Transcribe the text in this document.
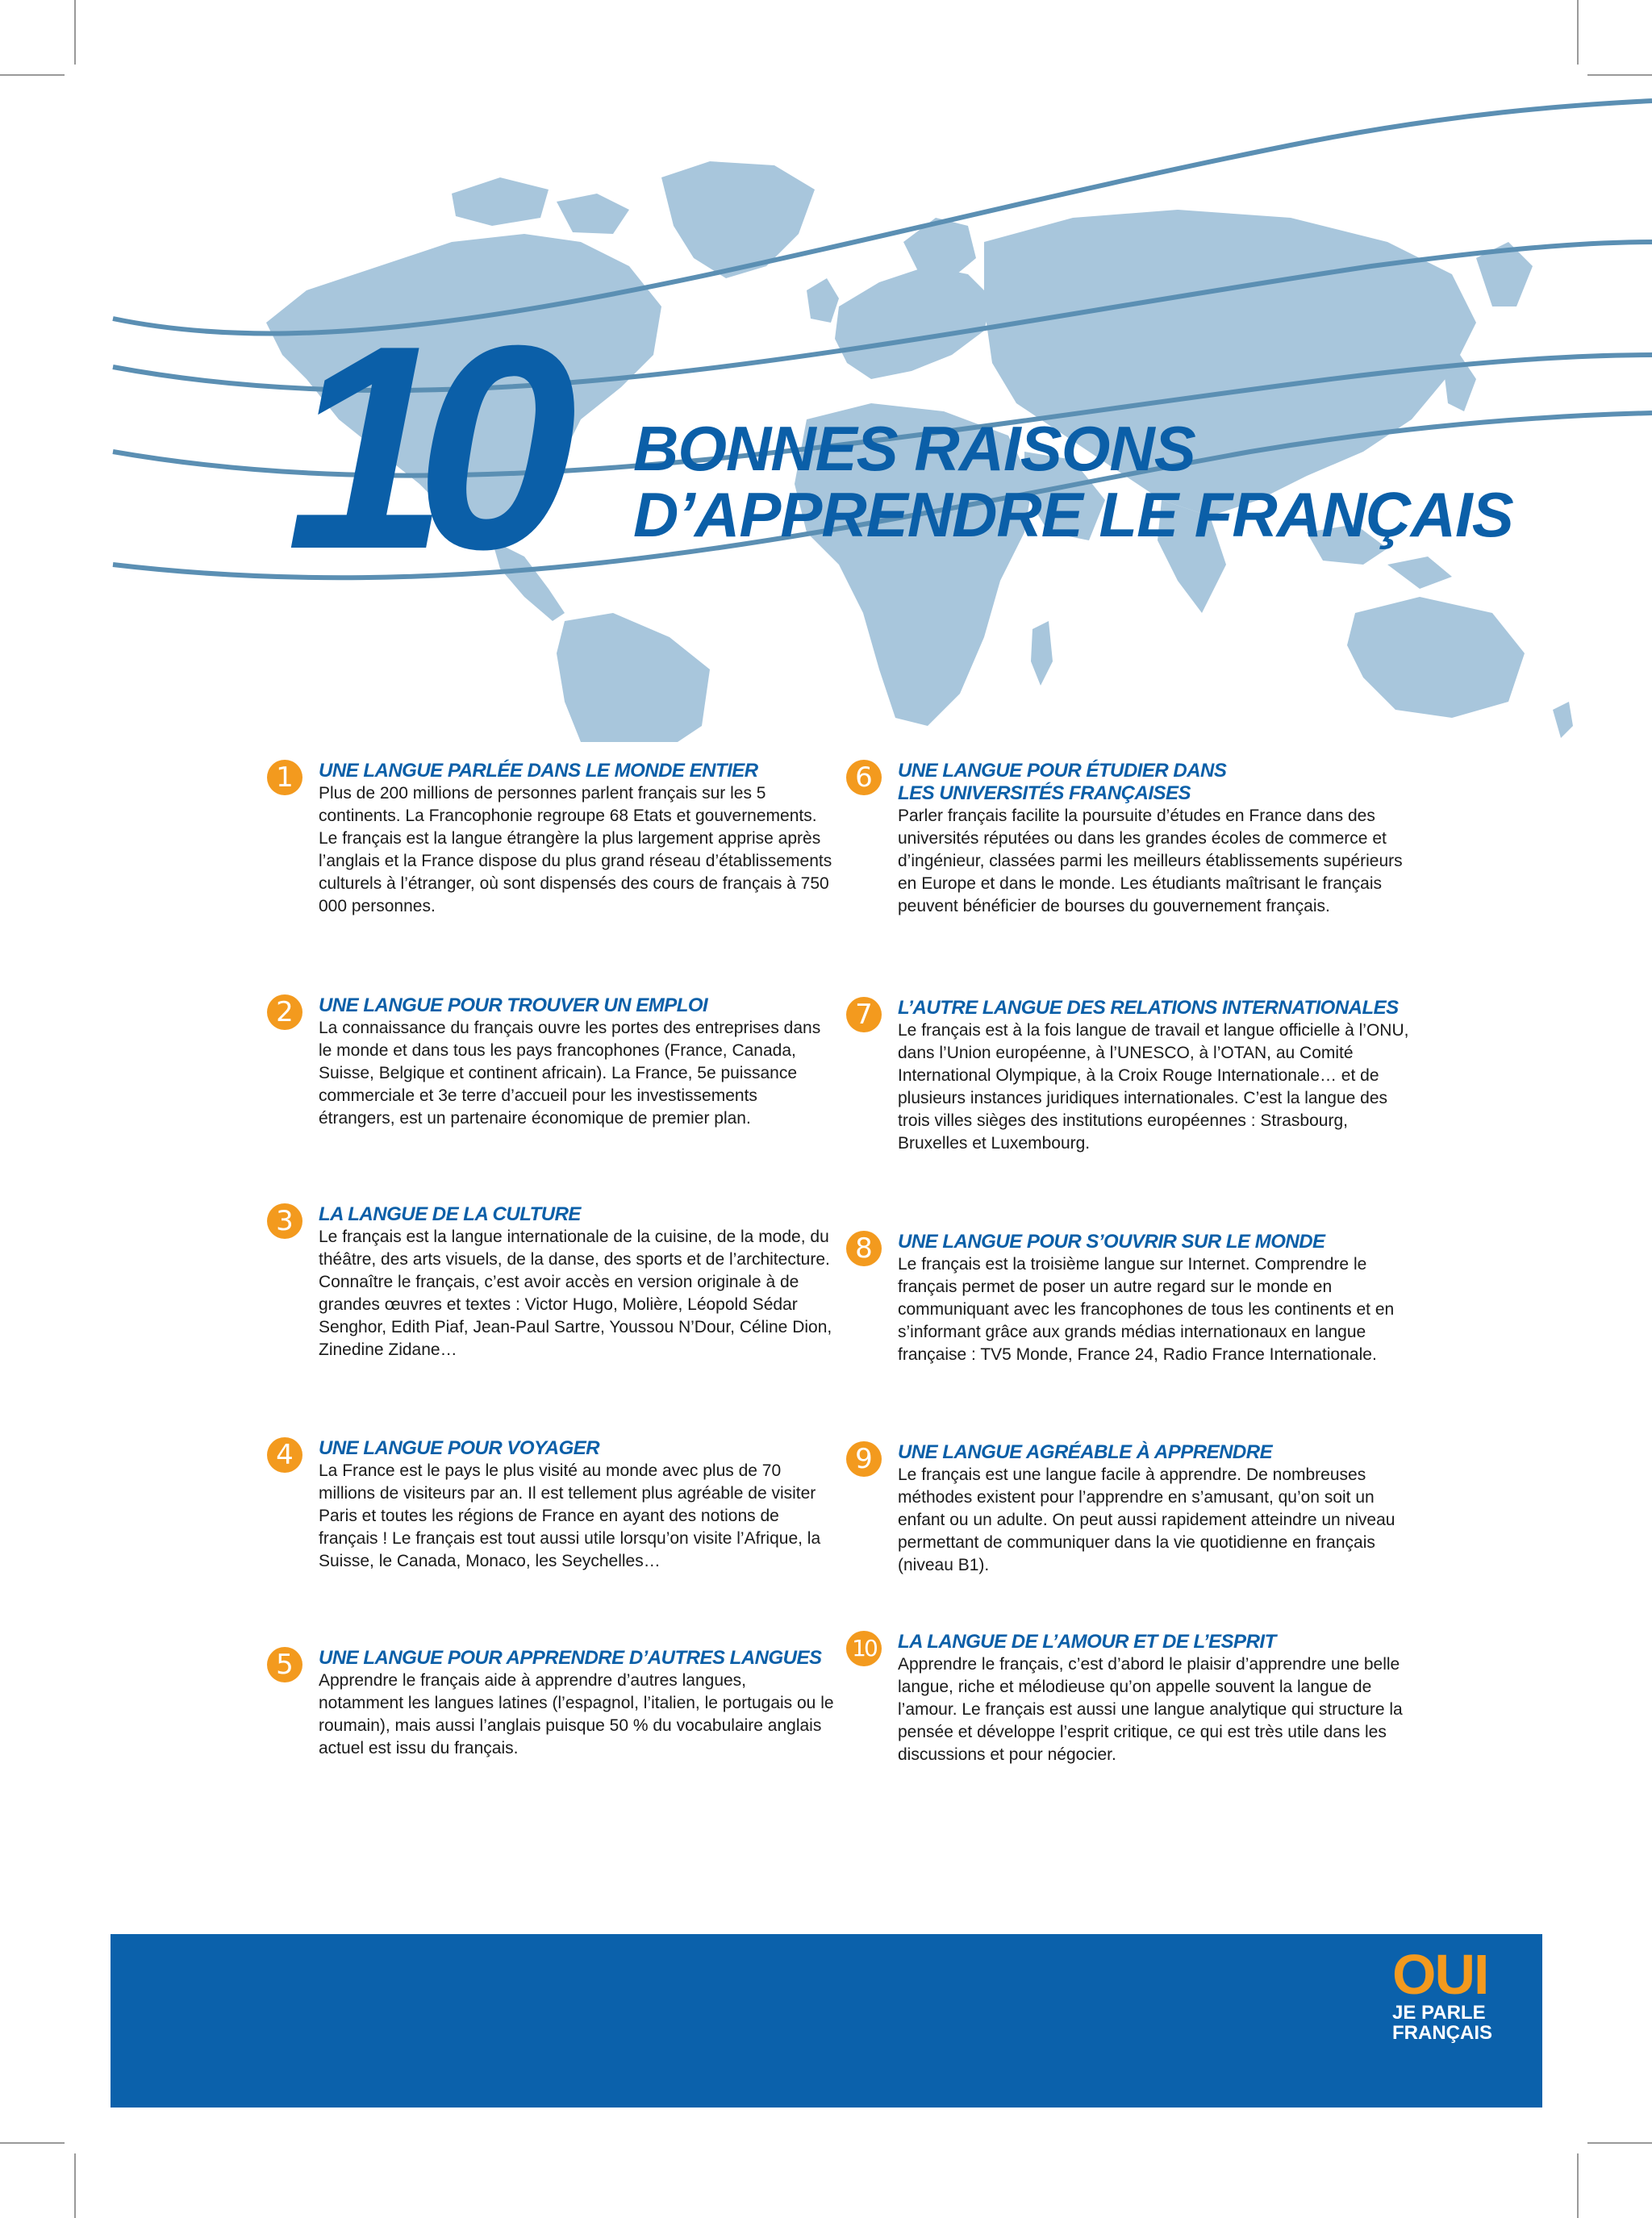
10 BONNES RAISONS
D’APPRENDRE LE FRANÇAIS
1	UNE LANGUE PARLÉE DANS LE MONDE ENTIER
Plus de 200 millions de personnes parlent français sur les 5 continents. La Francophonie regroupe 68 Etats et gouvernements. Le français est la langue étrangère la plus largement apprise après l’anglais et la France dispose du plus grand réseau d’établissements culturels à l’étranger, où sont dispensés des cours de français à 750 000 personnes.
2	UNE LANGUE POUR TROUVER UN EMPLOI
La connaissance du français ouvre les portes des entreprises dans le monde et dans tous les pays francophones (France, Canada, Suisse, Belgique et continent africain). La France, 5e puissance commerciale et 3e terre d’accueil pour les investissements étrangers, est un partenaire économique de premier plan.
3	LA LANGUE DE LA CULTURE
Le français est la langue internationale de la cuisine, de la mode, du théâtre, des arts visuels, de la danse, des sports et de l’architecture. Connaître le français, c’est avoir accès en version originale à de grandes œuvres et textes : Victor Hugo, Molière, Léopold Sédar Senghor, Edith Piaf, Jean-Paul Sartre, Youssou N’Dour, Céline Dion, Zinedine Zidane…
4	UNE LANGUE POUR VOYAGER
La France est le pays le plus visité au monde avec plus de 70 millions de visiteurs par an. Il est tellement plus agréable de visiter Paris et toutes les régions de France en ayant des notions de français ! Le français est tout aussi utile lorsqu’on visite l’Afrique, la Suisse, le Canada, Monaco, les Seychelles…
5	UNE LANGUE POUR APPRENDRE D’AUTRES LANGUES
Apprendre le français aide à apprendre d’autres langues, notamment les langues latines (l’espagnol, l’italien, le portugais ou le roumain), mais aussi l’anglais puisque 50 % du vocabulaire anglais actuel est issu du français.
6	UNE LANGUE POUR ÉTUDIER DANS LES UNIVERSITÉS FRANÇAISES
Parler français facilite la poursuite d’études en France dans des universités réputées ou dans les grandes écoles de commerce et d’ingénieur, classées parmi les meilleurs établissements supérieurs en Europe et dans le monde. Les étudiants maîtrisant le français peuvent bénéficier de bourses du gouvernement français.
7	L’AUTRE LANGUE DES RELATIONS INTERNATIONALES
Le français est à la fois langue de travail et langue officielle à l’ONU, dans l’Union européenne, à l’UNESCO, à l’OTAN, au Comité International Olympique, à la Croix Rouge Internationale… et de plusieurs instances juridiques internationales. C’est la langue des trois villes sièges des institutions européennes : Strasbourg, Bruxelles et Luxembourg.
8	UNE LANGUE POUR S’OUVRIR SUR LE MONDE
Le français est la troisième langue sur Internet. Comprendre le français permet de poser un autre regard sur le monde en communiquant avec les francophones de tous les continents et en s’informant grâce aux grands médias internationaux en langue française : TV5 Monde, France 24, Radio France Internationale.
9	UNE LANGUE AGRÉABLE À APPRENDRE
Le français est une langue facile à apprendre. De nombreuses méthodes existent pour l’apprendre en s’amusant, qu’on soit un enfant ou un adulte. On peut aussi rapidement atteindre un niveau permettant de communiquer dans la vie quotidienne en français (niveau B1).
10 LA LANGUE DE L’AMOUR ET DE L’ESPRIT
Apprendre le français, c’est d’abord le plaisir d’apprendre une belle langue, riche et mélodieuse qu’on appelle souvent la langue de l’amour. Le français est aussi une langue analytique qui structure la pensée et développe l’esprit critique, ce qui est très utile dans les discussions et pour négocier.
OUI
JE PARLE
FRANÇAIS
